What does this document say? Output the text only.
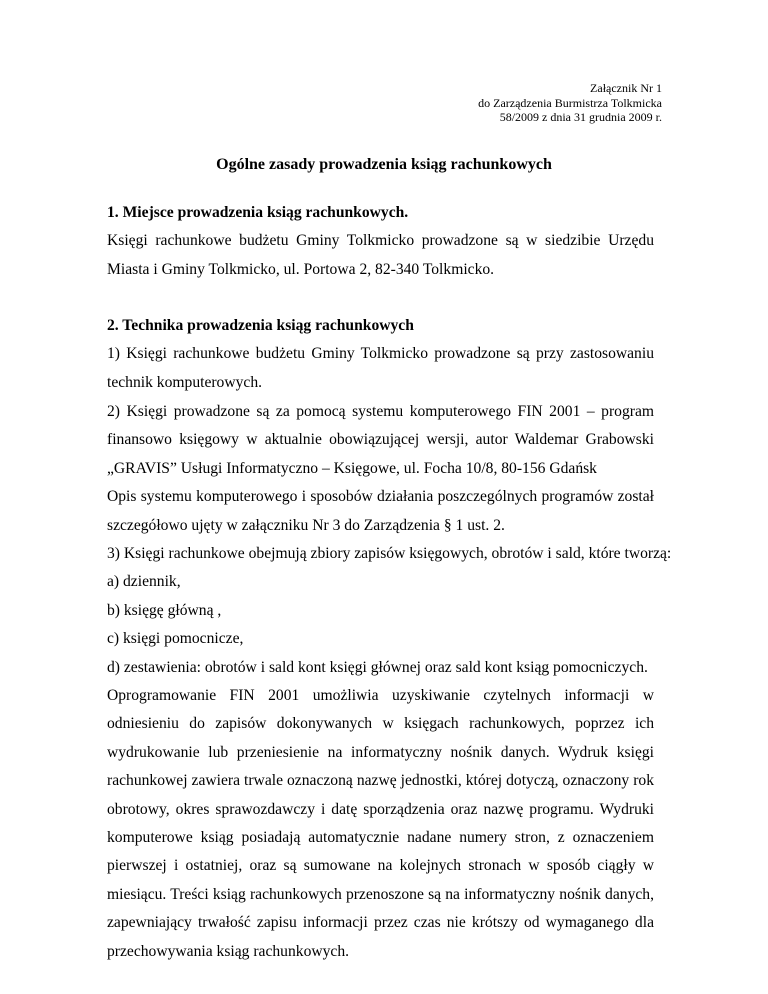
Załącznik Nr 1
do Zarządzenia Burmistrza Tolkmicka
58/2009 z dnia 31 grudnia 2009 r.
Ogólne zasady prowadzenia ksiąg rachunkowych

1. Miejsce prowadzenia ksiąg rachunkowych.

Księgi rachunkowe budżetu Gminy Tolkmicko prowadzone są w siedzibie Urzędu Miasta i Gminy Tolkmicko, ul. Portowa 2, 82-340 Tolkmicko.

2. Technika prowadzenia ksiąg rachunkowych

1) Księgi rachunkowe budżetu Gminy Tolkmicko prowadzone są przy zastosowaniu technik komputerowych.

2) Księgi prowadzone są za pomocą systemu komputerowego FIN 2001 – program finansowo księgowy w aktualnie obowiązującej wersji, autor Waldemar Grabowski „GRAVIS” Usługi Informatyczno – Księgowe, ul. Focha 10/8, 80-156 Gdańsk

Opis systemu komputerowego i sposobów działania poszczególnych programów został szczegółowo ujęty w załączniku Nr 3 do Zarządzenia § 1 ust. 2.

3) Księgi rachunkowe obejmują zbiory zapisów księgowych, obrotów i sald, które tworzą:

a) dziennik,

b) księgę główną ,

c) księgi pomocnicze,

d) zestawienia: obrotów i sald kont księgi głównej oraz sald kont ksiąg pomocniczych.

Oprogramowanie FIN 2001 umożliwia uzyskiwanie czytelnych informacji w odniesieniu do zapisów dokonywanych w księgach rachunkowych, poprzez ich wydrukowanie lub przeniesienie na informatyczny nośnik danych. Wydruk księgi rachunkowej zawiera trwale oznaczoną nazwę jednostki, której dotyczą, oznaczony rok obrotowy, okres sprawozdawczy i datę sporządzenia oraz nazwę programu. Wydruki komputerowe ksiąg posiadają automatycznie nadane numery stron, z oznaczeniem pierwszej i ostatniej, oraz są sumowane na kolejnych stronach w sposób ciągły w miesiącu. Treści ksiąg rachunkowych przenoszone są na informatyczny nośnik danych, zapewniający trwałość zapisu informacji przez czas nie krótszy od wymaganego dla przechowywania ksiąg rachunkowych.
